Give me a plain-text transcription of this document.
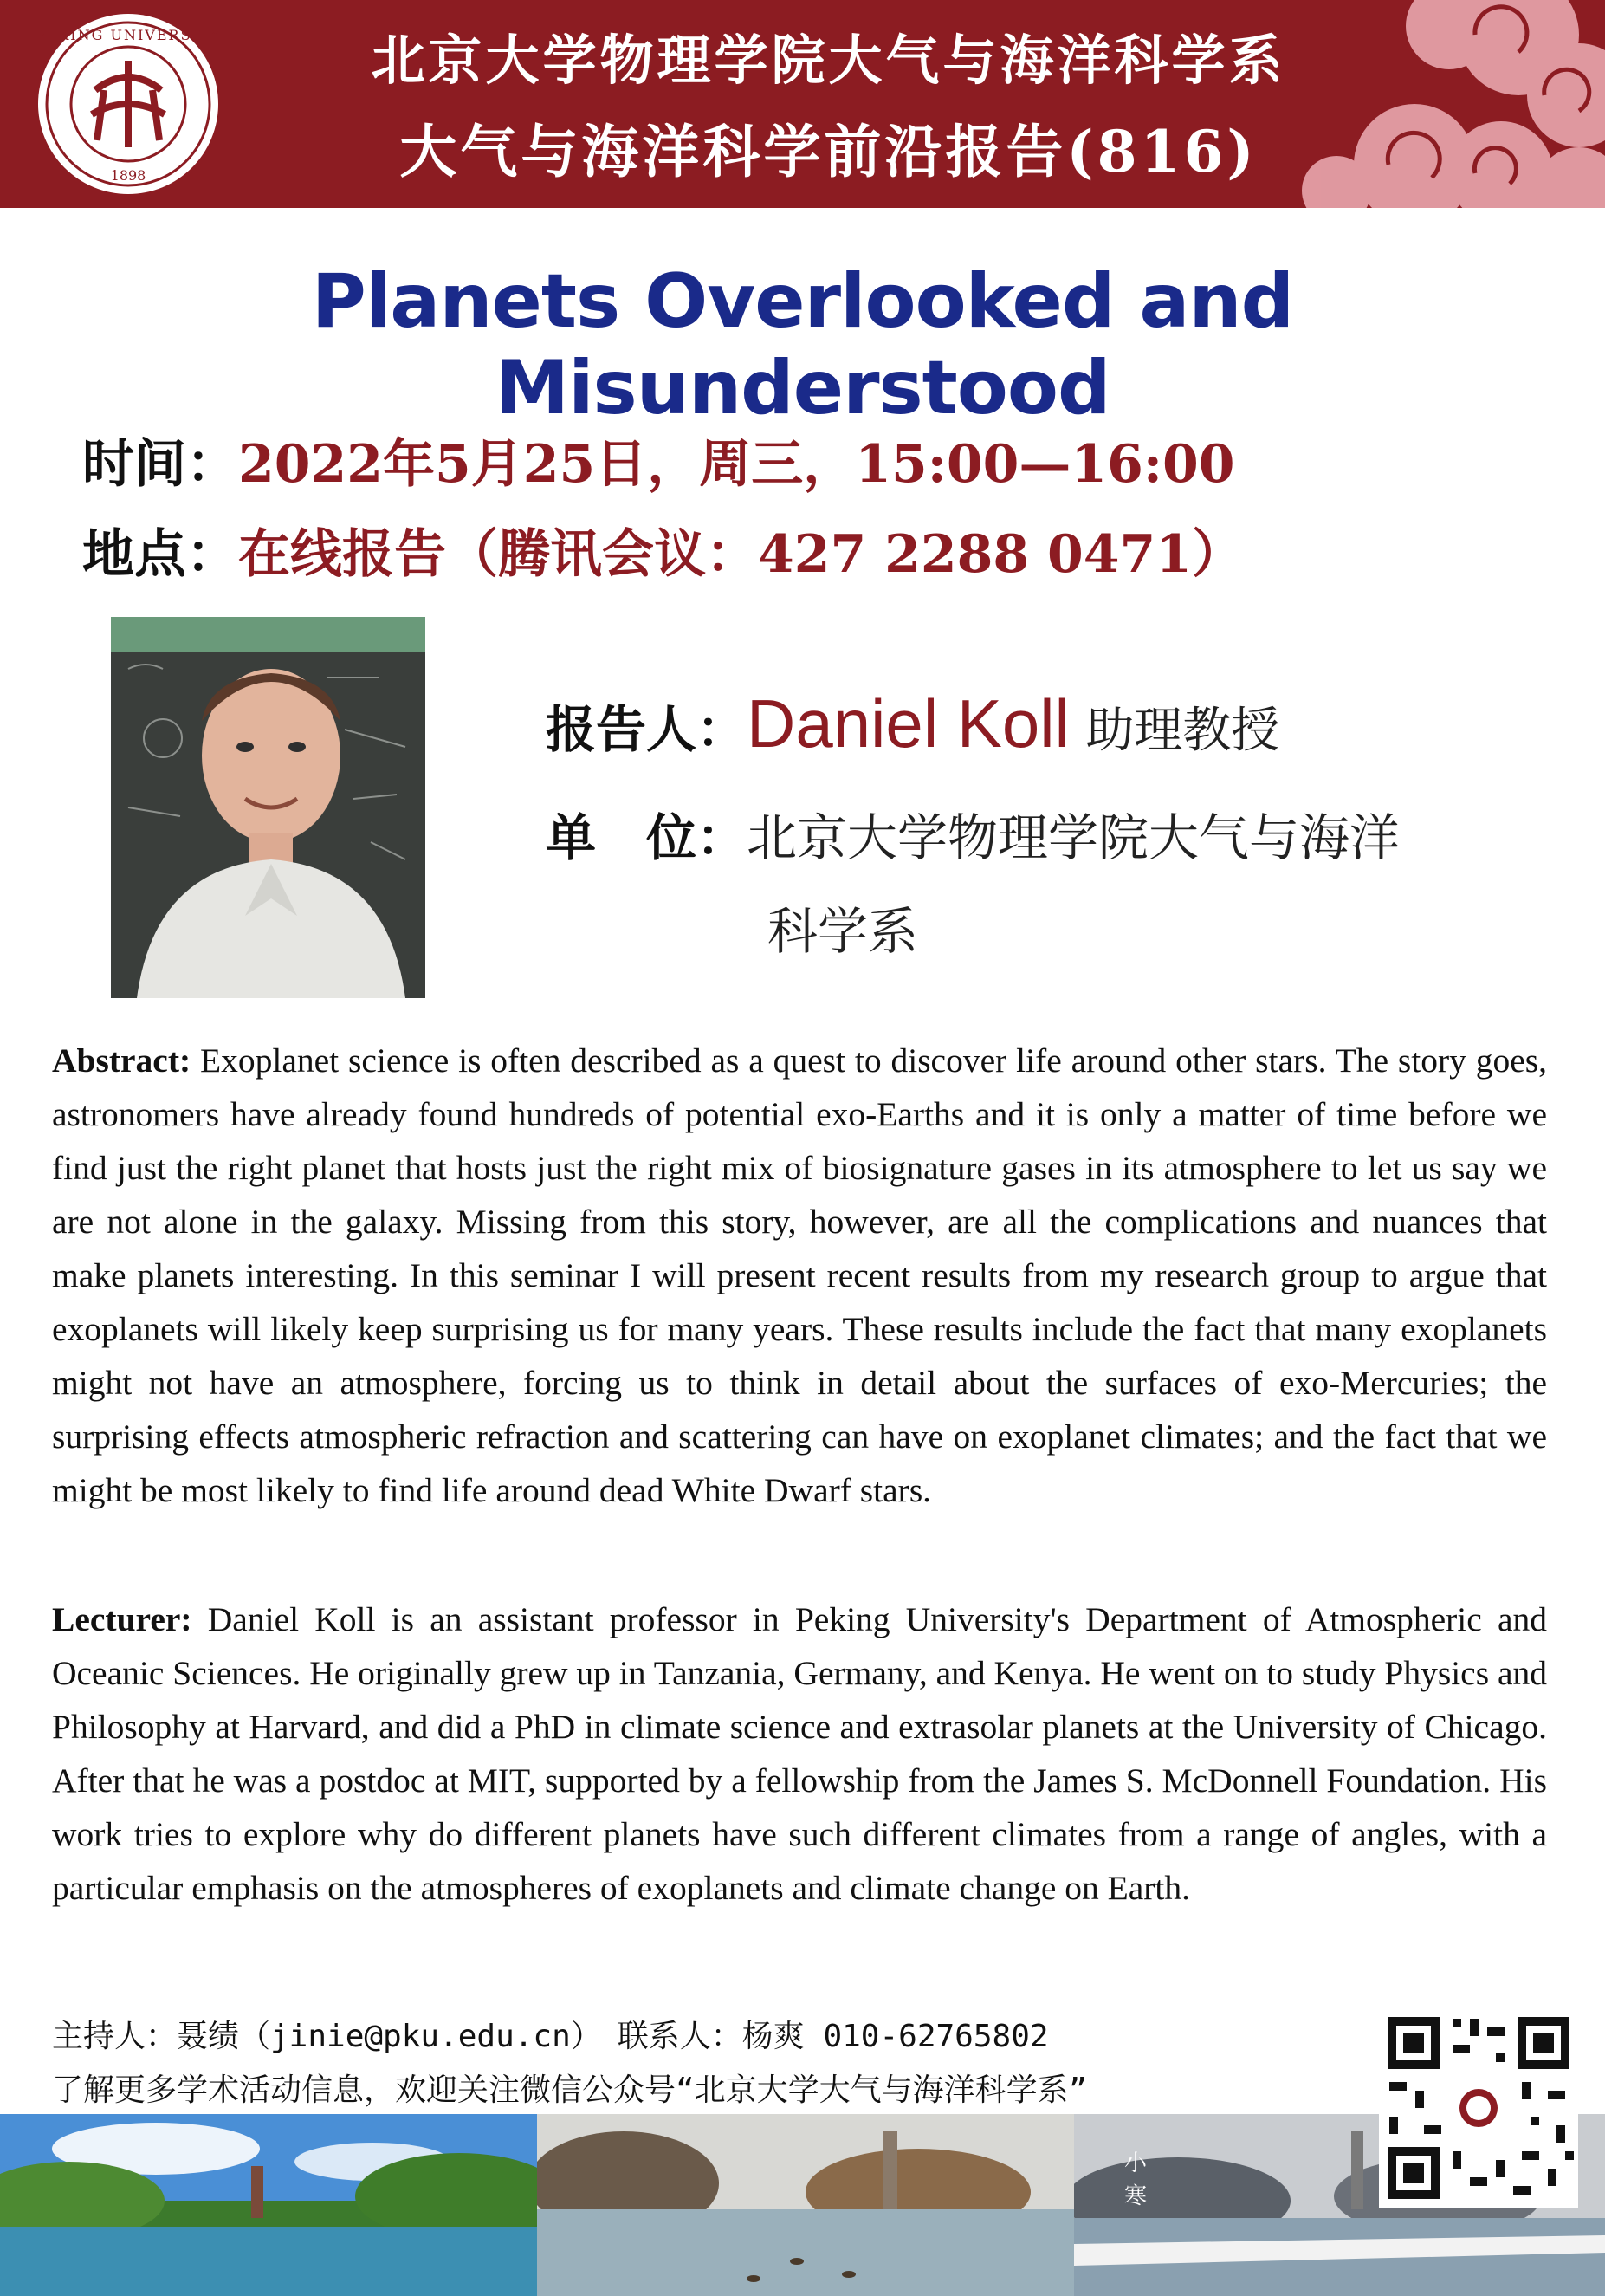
PEKING UNIVERSITY
1898
北京大学物理学院大气与海洋科学系
大气与海洋科学前沿报告(816)
Planets Overlooked and Misunderstood
时间：2022年5月25日，周三，15:00—16:00
地点：在线报告（腾讯会议：427 2288 0471）
报告人：Daniel Koll 助理教授
单　位：北京大学物理学院大气与海洋
科学系
Abstract: Exoplanet science is often described as a quest to discover life around other stars. The story goes, astronomers have already found hundreds of potential exo-Earths and it is only a matter of time before we find just the right planet that hosts just the right mix of biosignature gases in its atmosphere to let us say we are not alone in the galaxy. Missing from this story, however, are all the complications and nuances that make planets interesting. In this seminar I will present recent results from my research group to argue that exoplanets will likely keep surprising us for many years. These results include the fact that many exoplanets might not have an atmosphere, forcing us to think in detail about the surfaces of exo-Mercuries; the surprising effects atmospheric refraction and scattering can have on exoplanet climates; and the fact that we might be most likely to find life around dead White Dwarf stars.
Lecturer: Daniel Koll is an assistant professor in Peking University's Department of Atmospheric and Oceanic Sciences. He originally grew up in Tanzania, Germany, and Kenya. He went on to study Physics and Philosophy at Harvard, and did a PhD in climate science and extrasolar planets at the University of Chicago. After that he was a postdoc at MIT, supported by a fellowship from the James S. McDonnell Foundation. His work tries to explore why do different planets have such different climates from a range of angles, with a particular emphasis on the atmospheres of exoplanets and climate change on Earth.
主持人：聂绩（jinie@pku.edu.cn）　联系人：杨爽 010-62765802
了解更多学术活动信息，欢迎关注微信公众号“北京大学大气与海洋科学系”
小
寒
